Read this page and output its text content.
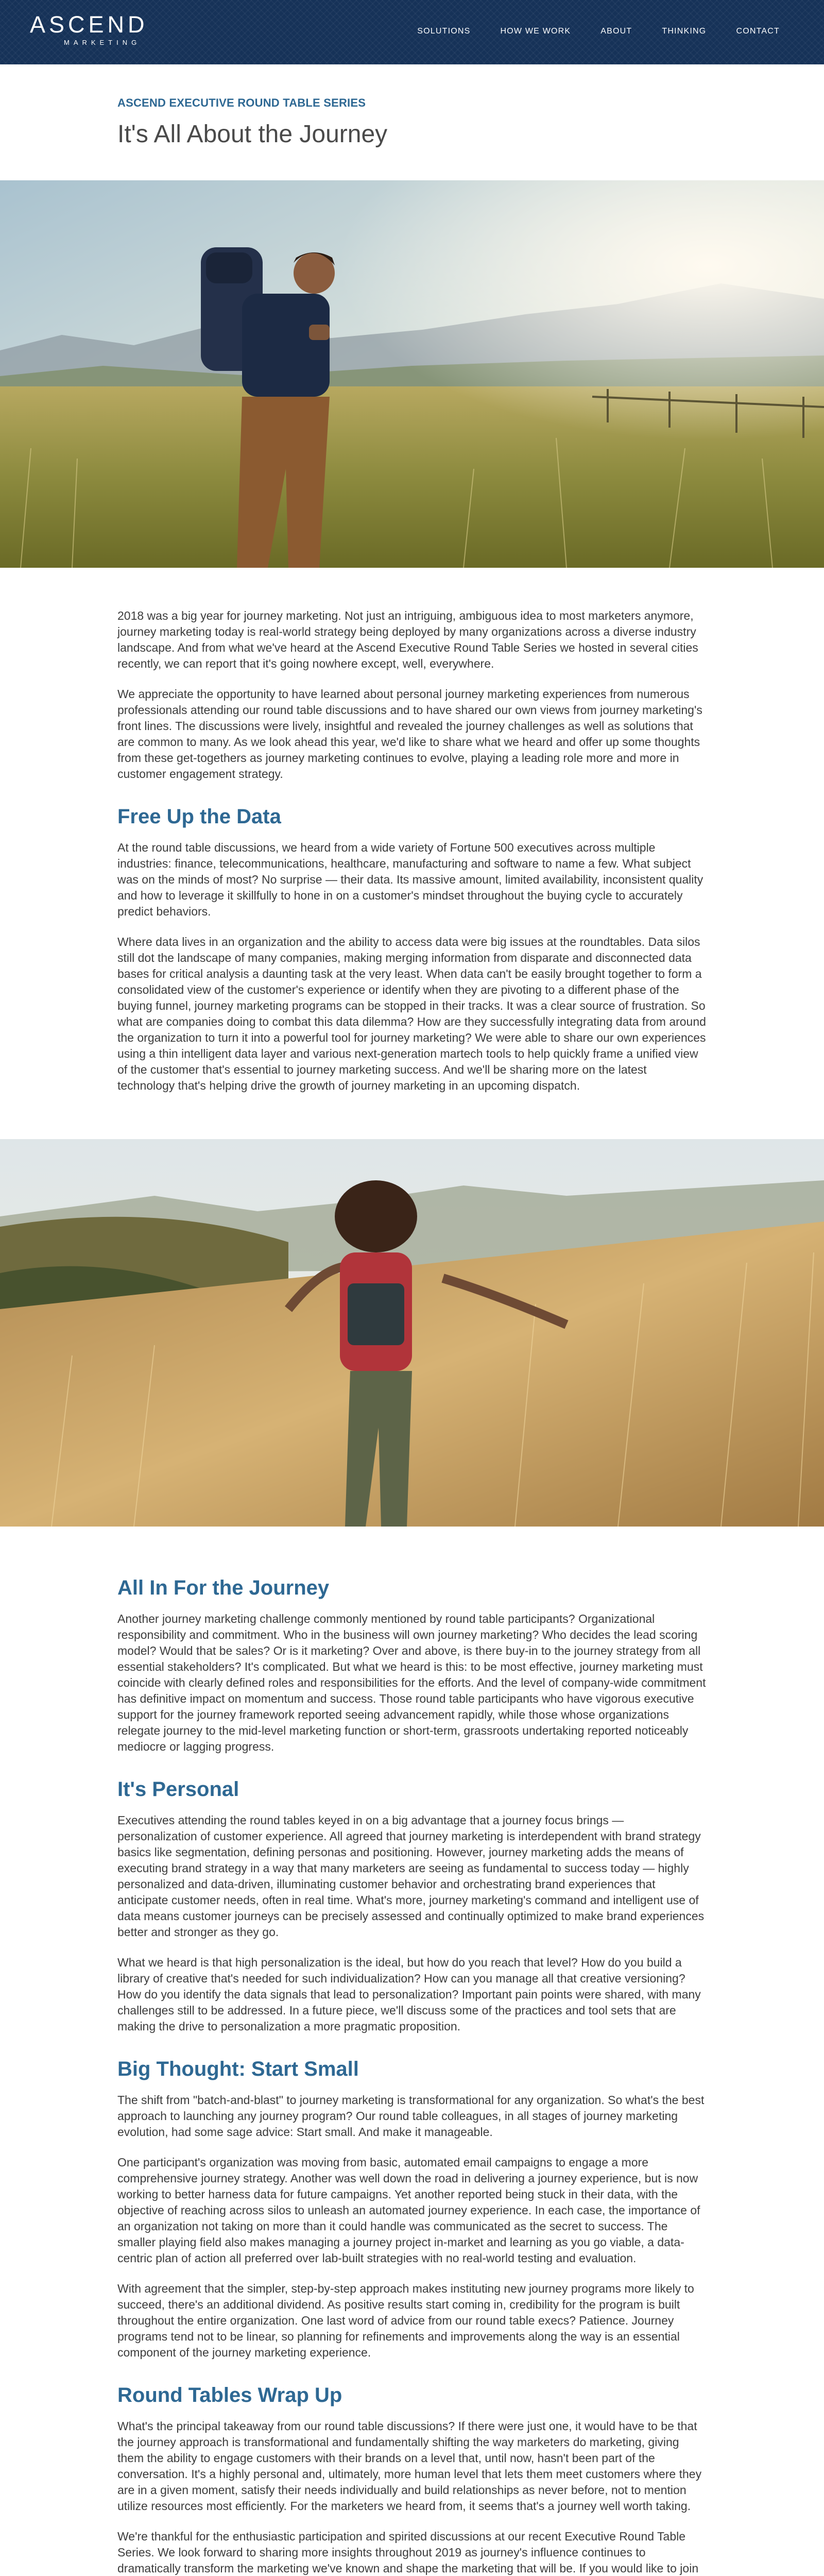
ASCEND
MARKETING
SOLUTIONS	HOW WE WORK	ABOUT	THINKING	CONTACT
ASCEND EXECUTIVE ROUND TABLE SERIES
It's All About the Journey

2018 was a big year for journey marketing. Not just an intriguing, ambiguous idea to most marketers anymore, journey marketing today is real-world strategy being deployed by many organizations across a diverse industry landscape. And from what we've heard at the Ascend Executive Round Table Series we hosted in several cities recently, we can report that it's going nowhere except, well, everywhere.

We appreciate the opportunity to have learned about personal journey marketing experiences from numerous professionals attending our round table discussions and to have shared our own views from journey marketing's front lines. The discussions were lively, insightful and revealed the journey challenges as well as solutions that are common to many. As we look ahead this year, we'd like to share what we heard and offer up some thoughts from these get-togethers as journey marketing continues to evolve, playing a leading role more and more in customer engagement strategy.

Free Up the Data

At the round table discussions, we heard from a wide variety of Fortune 500 executives across multiple industries: finance, telecommunications, healthcare, manufacturing and software to name a few. What subject was on the minds of most? No surprise — their data. Its massive amount, limited availability, inconsistent quality and how to leverage it skillfully to hone in on a customer's mindset throughout the buying cycle to accurately predict behaviors.

Where data lives in an organization and the ability to access data were big issues at the roundtables. Data silos still dot the landscape of many companies, making merging information from disparate and disconnected data bases for critical analysis a daunting task at the very least. When data can't be easily brought together to form a consolidated view of the customer's experience or identify when they are pivoting to a different phase of the buying funnel, journey marketing programs can be stopped in their tracks. It was a clear source of frustration. So what are companies doing to combat this data dilemma? How are they successfully integrating data from around the organization to turn it into a powerful tool for journey marketing? We were able to share our own experiences using a thin intelligent data layer and various next-generation martech tools to help quickly frame a unified view of the customer that's essential to journey marketing success. And we'll be sharing more on the latest technology that's helping drive the growth of journey marketing in an upcoming dispatch.

All In For the Journey

Another journey marketing challenge commonly mentioned by round table participants? Organizational responsibility and commitment. Who in the business will own journey marketing? Who decides the lead scoring model? Would that be sales? Or is it marketing? Over and above, is there buy-in to the journey strategy from all essential stakeholders? It's complicated. But what we heard is this: to be most effective, journey marketing must coincide with clearly defined roles and responsibilities for the efforts. And the level of company-wide commitment has definitive impact on momentum and success. Those round table participants who have vigorous executive support for the journey framework reported seeing advancement rapidly, while those whose organizations relegate journey to the mid-level marketing function or short-term, grassroots undertaking reported noticeably mediocre or lagging progress.

It's Personal

Executives attending the round tables keyed in on a big advantage that a journey focus brings — personalization of customer experience. All agreed that journey marketing is interdependent with brand strategy basics like segmentation, defining personas and positioning. However, journey marketing adds the means of executing brand strategy in a way that many marketers are seeing as fundamental to success today — highly personalized and data-driven, illuminating customer behavior and orchestrating brand experiences that anticipate customer needs, often in real time. What's more, journey marketing's command and intelligent use of data means customer journeys can be precisely assessed and continually optimized to make brand experiences better and stronger as they go.

What we heard is that high personalization is the ideal, but how do you reach that level? How do you build a library of creative that's needed for such individualization? How can you manage all that creative versioning? How do you identify the data signals that lead to personalization? Important pain points were shared, with many challenges still to be addressed. In a future piece, we'll discuss some of the practices and tool sets that are making the drive to personalization a more pragmatic proposition.

Big Thought: Start Small

The shift from "batch-and-blast" to journey marketing is transformational for any organization. So what's the best approach to launching any journey program? Our round table colleagues, in all stages of journey marketing evolution, had some sage advice: Start small. And make it manageable.

One participant's organization was moving from basic, automated email campaigns to engage a more comprehensive journey strategy. Another was well down the road in delivering a journey experience, but is now working to better harness data for future campaigns. Yet another reported being stuck in their data, with the objective of reaching across silos to unleash an automated journey experience. In each case, the importance of an organization not taking on more than it could handle was communicated as the secret to success. The smaller playing field also makes managing a journey project in-market and learning as you go viable, a data-centric plan of action all preferred over lab-built strategies with no real-world testing and evaluation.

With agreement that the simpler, step-by-step approach makes instituting new journey programs more likely to succeed, there's an additional dividend. As positive results start coming in, credibility for the program is built throughout the entire organization. One last word of advice from our round table execs? Patience. Journey programs tend not to be linear, so planning for refinements and improvements along the way is an essential component of the journey marketing experience.

Round Tables Wrap Up

What's the principal takeaway from our round table discussions? If there were just one, it would have to be that the journey approach is transformational and fundamentally shifting the way marketers do marketing, giving them the ability to engage customers with their brands on a level that, until now, hasn't been part of the conversation. It's a highly personal and, ultimately, more human level that lets them meet customers where they are in a given moment, satisfy their needs individually and build relationships as never before, not to mention utilize resources most efficiently. For the marketers we heard from, it seems that's a journey well worth taking.

We're thankful for the enthusiastic participation and spirited discussions at our recent Executive Round Table Series. We look forward to sharing more insights throughout 2019 as journey's influence continues to dramatically transform the marketing we've known and shape the marketing that will be. If you would like to join
